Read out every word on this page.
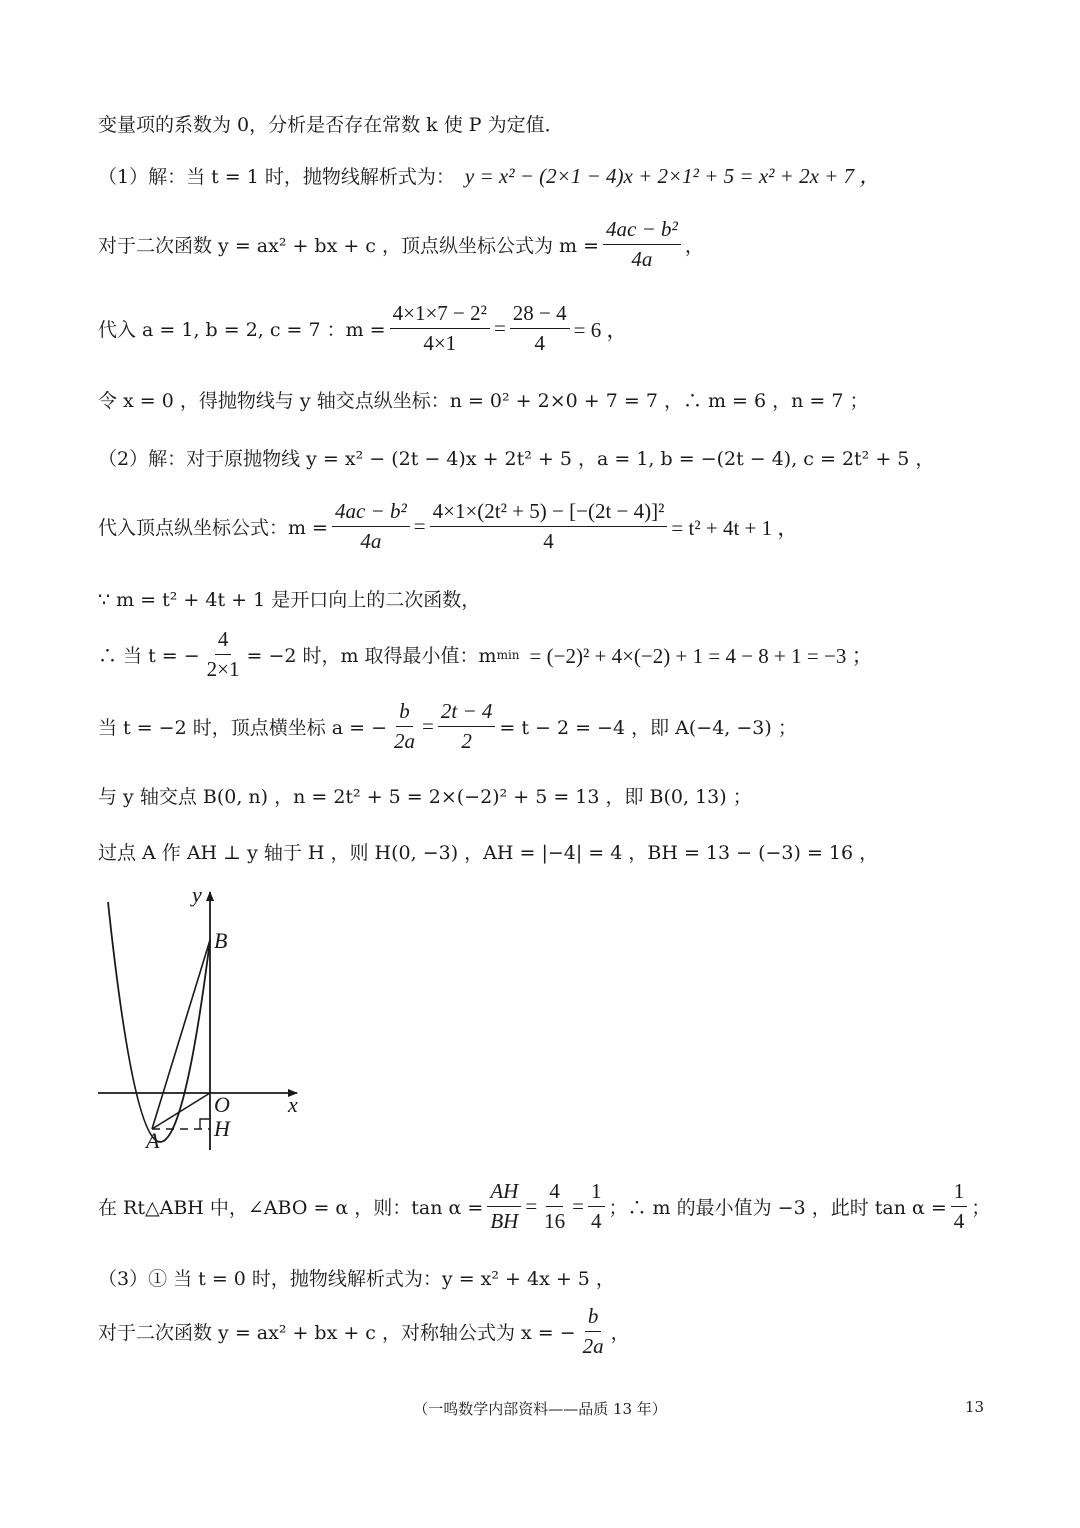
变量项的系数为 0，分析是否存在常数 k 使 P 为定值．
（1）解：当 t = 1 时，抛物线解析式为： y = x² − (2×1 − 4)x + 2×1² + 5 = x² + 2x + 7 ，
对于二次函数 y = ax² + bx + c ，顶点纵坐标公式为 $m = \frac{\text{4ac − b²}}{4a}$ ，
代入 a = 1, b = 2, c = 7 ：$m = \frac{\text{4×1×7 − 2²}}{4\times 1} = \frac{28 - 4}{4} = 6$ ，
令 x = 0 ，得抛物线与 y 轴交点纵坐标：n = 0² + 2×0 + 7 = 7 ，∴ m = 6 ，n = 7 ；
（2）解：对于原抛物线 y = x² − (2t − 4)x + 2t² + 5 ，a = 1, b = −(2t − 4), c = 2t² + 5 ，
代入顶点纵坐标公式：$m = \frac{\text{4ac − b²}}{4a} = \frac{\text{4×1×(2t² + 5) − [−(2t − 4)]²}}{4} = t^2 + 4t + 1$ ，
∵ m = t² + 4t + 1 是开口向上的二次函数，
∴ 当 t = − $\frac{4}{2\times 1} = -2$ 时，m 取得最小值：m min = (−2)² + 4×(−2) + 1 = 4 − 8 + 1 = −3 ；
当 t = −2 时，顶点横坐标 a = − $\frac{b}{2a} = \frac{2t - 4}{2} = t - 2 = -4$ ，即 A(−4, −3) ；
与 y 轴交点 B(0, n) ，n = 2t² + 5 = 2×(−2)² + 5 = 13 ，即 B(0, 13) ；
过点 A 作 AH ⊥ y 轴于 H ，则 H(0, −3) ，AH = |−4| = 4 ，BH = 13 − (−3) = 16 ，
y
B
O	x
H
A
在 Rt△ABH 中，∠ABO = α ，则：$\tan \alpha = \frac{AH}{BH} = \frac{4}{16} = \frac{1}{4}$ ；∴ m 的最小值为 −3 ，此时 $\tan \alpha = \frac{1}{4}$ ；
（3）① 当 t = 0 时，抛物线解析式为：y = x² + 4x + 5 ，
对于二次函数 y = ax² + bx + c ，对称轴公式为 x = − $\frac{b}{2a}$ ，
（一鸣数学内部资料——品质 13 年）	13
